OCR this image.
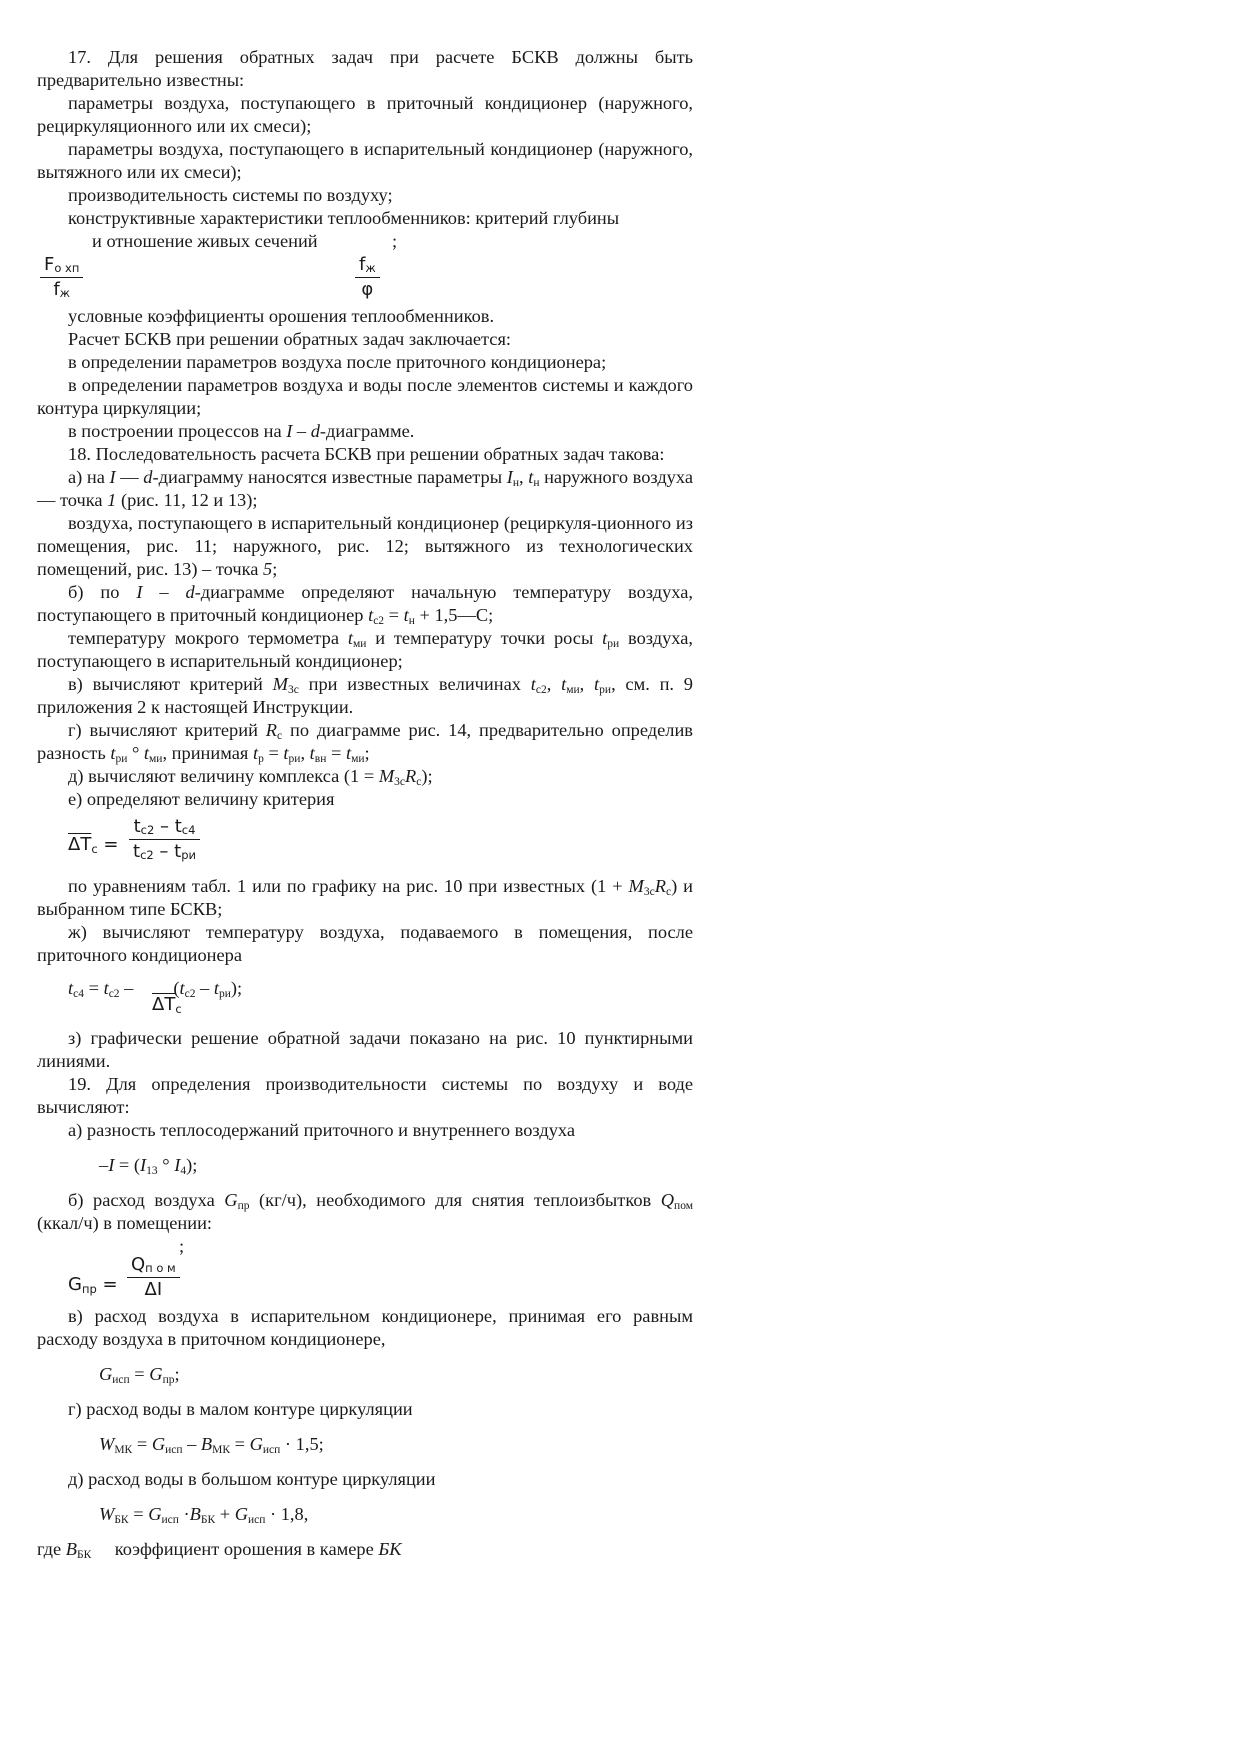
17. Для решения обратных задач при расчете БСКВ должны быть предварительно известны:

параметры воздуха, поступающего в приточный кондиционер (наружного, рециркуляционного или их смеси);

параметры воздуха, поступающего в испарительный кондиционер (наружного, вытяжного или их смеси);

производительность системы по воздуху;

конструктивные характеристики теплообменников: критерий глубины

и отношение живых сечений	;
$F_{о хп}$
$f_ж$
$f_ж$
φ

условные коэффициенты орошения теплообменников.

Расчет БСКВ при решении обратных задач заключается:

в определении параметров воздуха после приточного кондиционера;

в определении параметров воздуха и воды после элементов системы и каждого контура циркуляции;

в построении процессов на I – d-диаграмме.

18. Последовательность расчета БСКВ при решении обратных задач такова:

а) на I — d-диаграмму наносятся известные параметры $I_н$, $t_н$ наружного воздуха — точка 1 (рис. 11, 12 и 13);

воздуха, поступающего в испарительный кондиционер (рециркуля-ционного из помещения, рис. 11; наружного, рис. 12; вытяжного из технологических помещений, рис. 13) – точка 5;

б) по I – d-диаграмме определяют начальную температуру воздуха, поступающего в приточный кондиционер $t_{с2} = t_н$ + 1,5—С;

температуру мокрого термометра $t_{ми}$ и температуру точки росы $t_{ри}$ воздуха, поступающего в испарительный кондиционер;

в) вычисляют критерий $M_{3с}$ при известных величинах $t_{с2}$, $t_{ми}$, $t_{ри}$, см. п. 9 приложения 2 к настоящей Инструкции.

г) вычисляют критерий $R_с$ по диаграмме рис. 14, предварительно определив разность $t_{ри}$ ° $t_{ми}$, принимая $t_р = t_{ри}$, $t_{вн} = t_{ми}$;

д) вычисляют величину комплекса $(1 = M_{3с}R_с)$;

е) определяют величину критерия

$\overline{\Delta T}_с$ =
$t_{с2} - t_{с4}$
$t_{с2} - t_{ри}$

по уравнениям табл. 1 или по графику на рис. 10 при известных $(1 + M_{3с}R_с)$ и выбранном типе БСКВ;

ж) вычисляют температуру воздуха, подаваемого в помещения, после приточного кондиционера

$t_{с4} = t_{с2} - (t_{с2} - t_{ри})$;
$\overline{\Delta T}_с$

з) графически решение обратной задачи показано на рис. 10 пунктирными линиями.

19. Для определения производительности системы по воздуху и воде вычисляют:

а) разность теплосодержаний приточного и внутреннего воздуха

$-I = (I_{13}$ ° $I_4$);

б) расход воздуха $G_{пр}$ (кг/ч), необходимого для снятия теплоизбытков $Q_{пом}$ (ккал/ч) в помещении:

;
$G_{пр}$ =
$Q_{п о м}$
ΔI

в) расход воздуха в испарительном кондиционере, принимая его равным расходу воздуха в приточном кондиционере,

$G_{исп} = G_{пр}$;

г) расход воды в малом контуре циркуляции

$W_{МК} = G_{исп} - B_{МК} = G_{исп} \cdot 1,5$;

д) расход воды в большом контуре циркуляции

$W_{БК} = G_{исп} \cdot B_{БК} + G_{исп} \cdot 1,8$,

где $B_{БК}$   коэффициент орошения в камере БК
